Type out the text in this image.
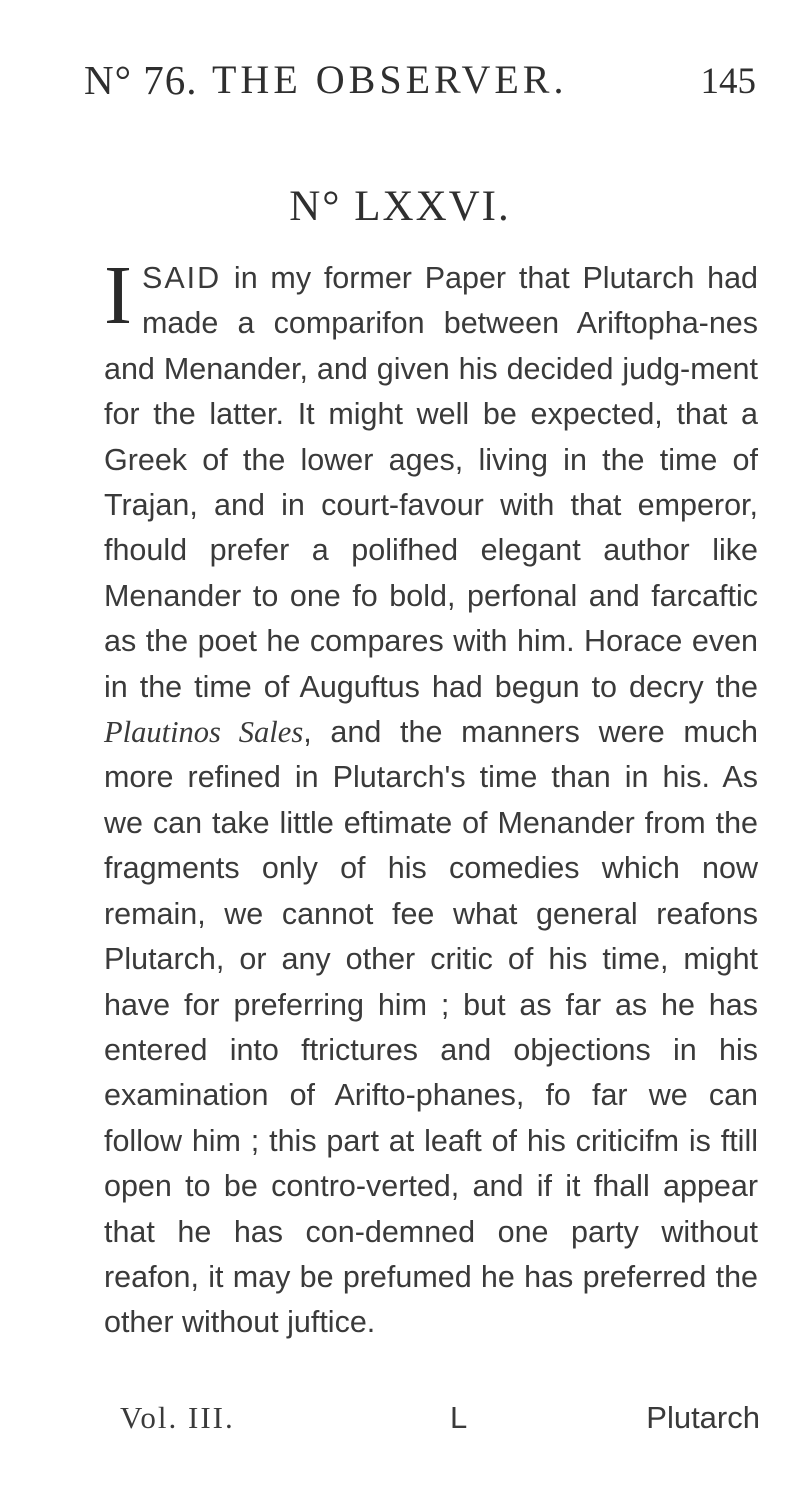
N° 76. THE OBSERVER.	145
N° LXXVI.

ISAID in my former Paper that Plutarch had made a comparifon between Ariftopha-nes and Menander, and given his decided judg-ment for the latter. It might well be expected, that a Greek of the lower ages, living in the time of Trajan, and in court-favour with that emperor, fhould prefer a polifhed elegant author like Menander to one fo bold, perfonal and farcaftic as the poet he compares with him. Horace even in the time of Auguftus had begun to decry the Plautinos Sales, and the manners were much more refined in Plutarch's time than in his. As we can take little eftimate of Menander from the fragments only of his comedies which now remain, we cannot fee what general reafons Plutarch, or any other critic of his time, might have for preferring him ; but as far as he has entered into ftrictures and objections in his examination of Arifto-phanes, fo far we can follow him ; this part at leaft of his criticifm is ftill open to be contro-verted, and if it fhall appear that he has con-demned one party without reafon, it may be prefumed he has preferred the other without juftice.

Vol. III.	L	Plutarch
